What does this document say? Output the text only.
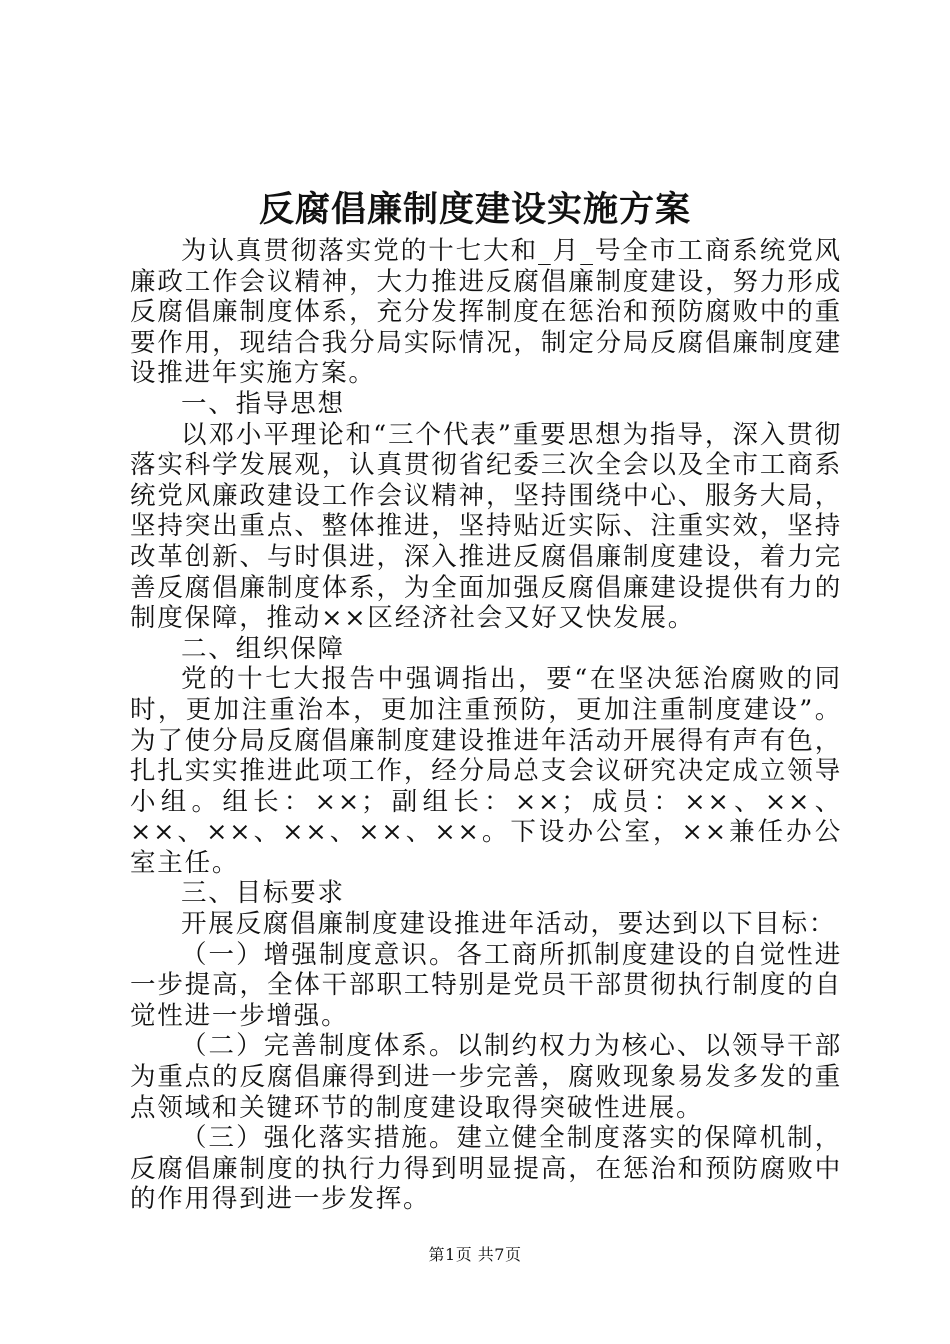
反腐倡廉制度建设实施方案

为认真贯彻落实党的十七大和_月_号全市工商系统党风廉政工作会议精神，大力推进反腐倡廉制度建设，努力形成反腐倡廉制度体系，充分发挥制度在惩治和预防腐败中的重要作用，现结合我分局实际情况，制定分局反腐倡廉制度建设推进年实施方案。

一、指导思想

以邓小平理论和“三个代表”重要思想为指导，深入贯彻落实科学发展观，认真贯彻省纪委三次全会以及全市工商系统党风廉政建设工作会议精神，坚持围绕中心、服务大局，坚持突出重点、整体推进，坚持贴近实际、注重实效，坚持改革创新、与时俱进，深入推进反腐倡廉制度建设，着力完善反腐倡廉制度体系，为全面加强反腐倡廉建设提供有力的制度保障，推动××区经济社会又好又快发展。

二、组织保障

党的十七大报告中强调指出，要“在坚决惩治腐败的同时，更加注重治本，更加注重预防，更加注重制度建设”。为了使分局反腐倡廉制度建设推进年活动开展得有声有色，扎扎实实推进此项工作，经分局总支会议研究决定成立领导小组。组长：××；副组长：××；成员：××、××、××、××、××、××、××。下设办公室，××兼任办公室主任。

三、目标要求

开展反腐倡廉制度建设推进年活动，要达到以下目标：

（一）增强制度意识。各工商所抓制度建设的自觉性进一步提高，全体干部职工特别是党员干部贯彻执行制度的自觉性进一步增强。

（二）完善制度体系。以制约权力为核心、以领导干部为重点的反腐倡廉得到进一步完善，腐败现象易发多发的重点领域和关键环节的制度建设取得突破性进展。

（三）强化落实措施。建立健全制度落实的保障机制，反腐倡廉制度的执行力得到明显提高，在惩治和预防腐败中的作用得到进一步发挥。

第1页 共7页
